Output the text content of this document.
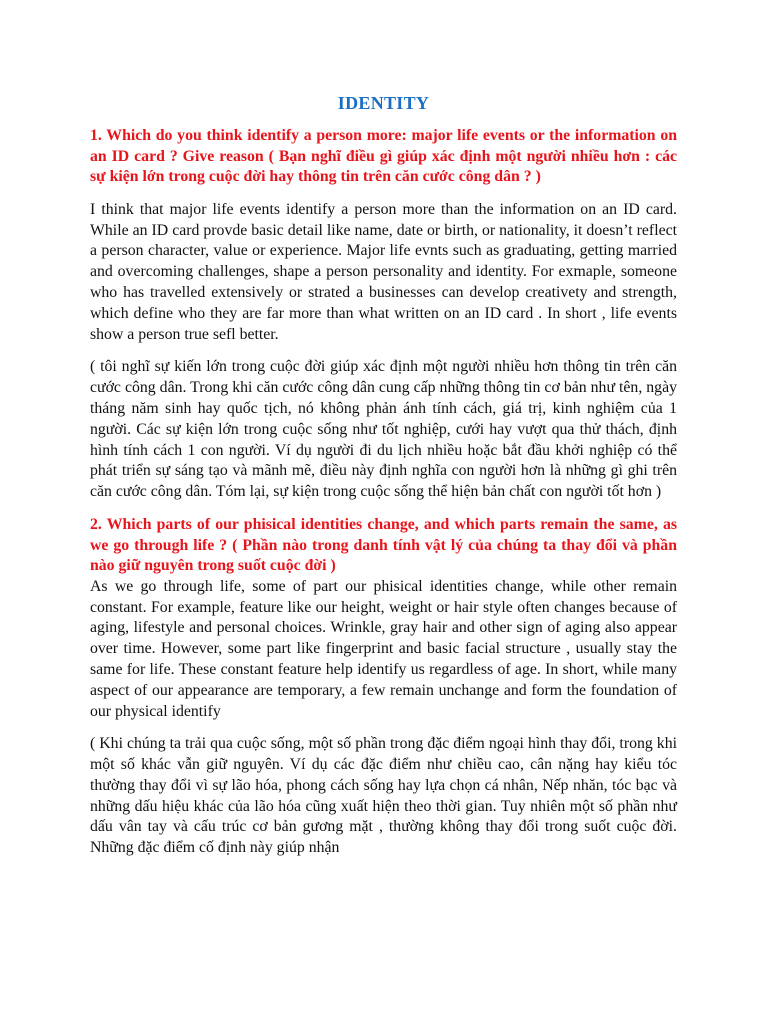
IDENTITY

1. Which do you think identify a person more: major life events or the information on an ID card ? Give reason ( Bạn nghĩ điều gì giúp xác định một người nhiều hơn : các sự kiện lớn trong cuộc đời hay thông tin trên căn cước công dân ? )

I think that major life events identify a person more than the information on an ID card. While an ID card provde basic detail like name, date or birth, or nationality, it doesn’t reflect a person character, value or experience. Major life evnts such as graduating, getting married and overcoming challenges, shape a person personality and identity. For exmaple, someone who has travelled extensively or strated a businesses can develop creativety and strength, which define who they are far more than what written on an ID card . In short , life events show a person true sefl better.

( tôi nghĩ sự kiến lớn trong cuộc đời giúp xác định một người nhiều hơn thông tin trên căn cước công dân. Trong khi căn cước công dân cung cấp những thông tin cơ bản như tên, ngày tháng năm sinh hay quốc tịch, nó không phản ánh tính cách, giá trị, kinh nghiệm của 1 người. Các sự kiện lớn trong cuộc sống như tốt nghiệp, cưới hay vượt qua thử thách, định hình tính cách 1 con người. Ví dụ người đi du lịch nhiều hoặc bắt đầu khởi nghiệp có thể phát triển sự sáng tạo và mãnh mẽ, điều này định nghĩa con người hơn là những gì ghi trên căn cước công dân. Tóm lại, sự kiện trong cuộc sống thể hiện bản chất con người tốt hơn )

2. Which parts of our phisical identities change, and which parts remain the same, as we go through life ? ( Phần nào trong danh tính vật lý của chúng ta thay đổi và phần nào giữ nguyên trong suốt cuộc đời )

As we go through life, some of part our phisical identities change, while other remain constant. For example, feature like our height, weight or hair style often changes because of aging, lifestyle and personal choices. Wrinkle, gray hair and other sign of aging also appear over time. However, some part like fingerprint and basic facial structure , usually stay the same for life. These constant feature help identify us regardless of age. In short, while many aspect of our appearance are temporary, a few remain unchange and form the foundation of our physical identify

( Khi chúng ta trải qua cuộc sống, một số phần trong đặc điểm ngoại hình thay đổi, trong khi một số khác vẫn giữ nguyên. Ví dụ các đặc điểm như chiều cao, cân nặng hay kiểu tóc thường thay đổi vì sự lão hóa, phong cách sống hay lựa chọn cá nhân, Nếp nhăn, tóc bạc và những dấu hiệu khác của lão hóa cũng xuất hiện theo thời gian. Tuy nhiên một số phần như dấu vân tay và cấu trúc cơ bản gương mặt , thường không thay đổi trong suốt cuộc đời. Những đặc điểm cố định này giúp nhận
